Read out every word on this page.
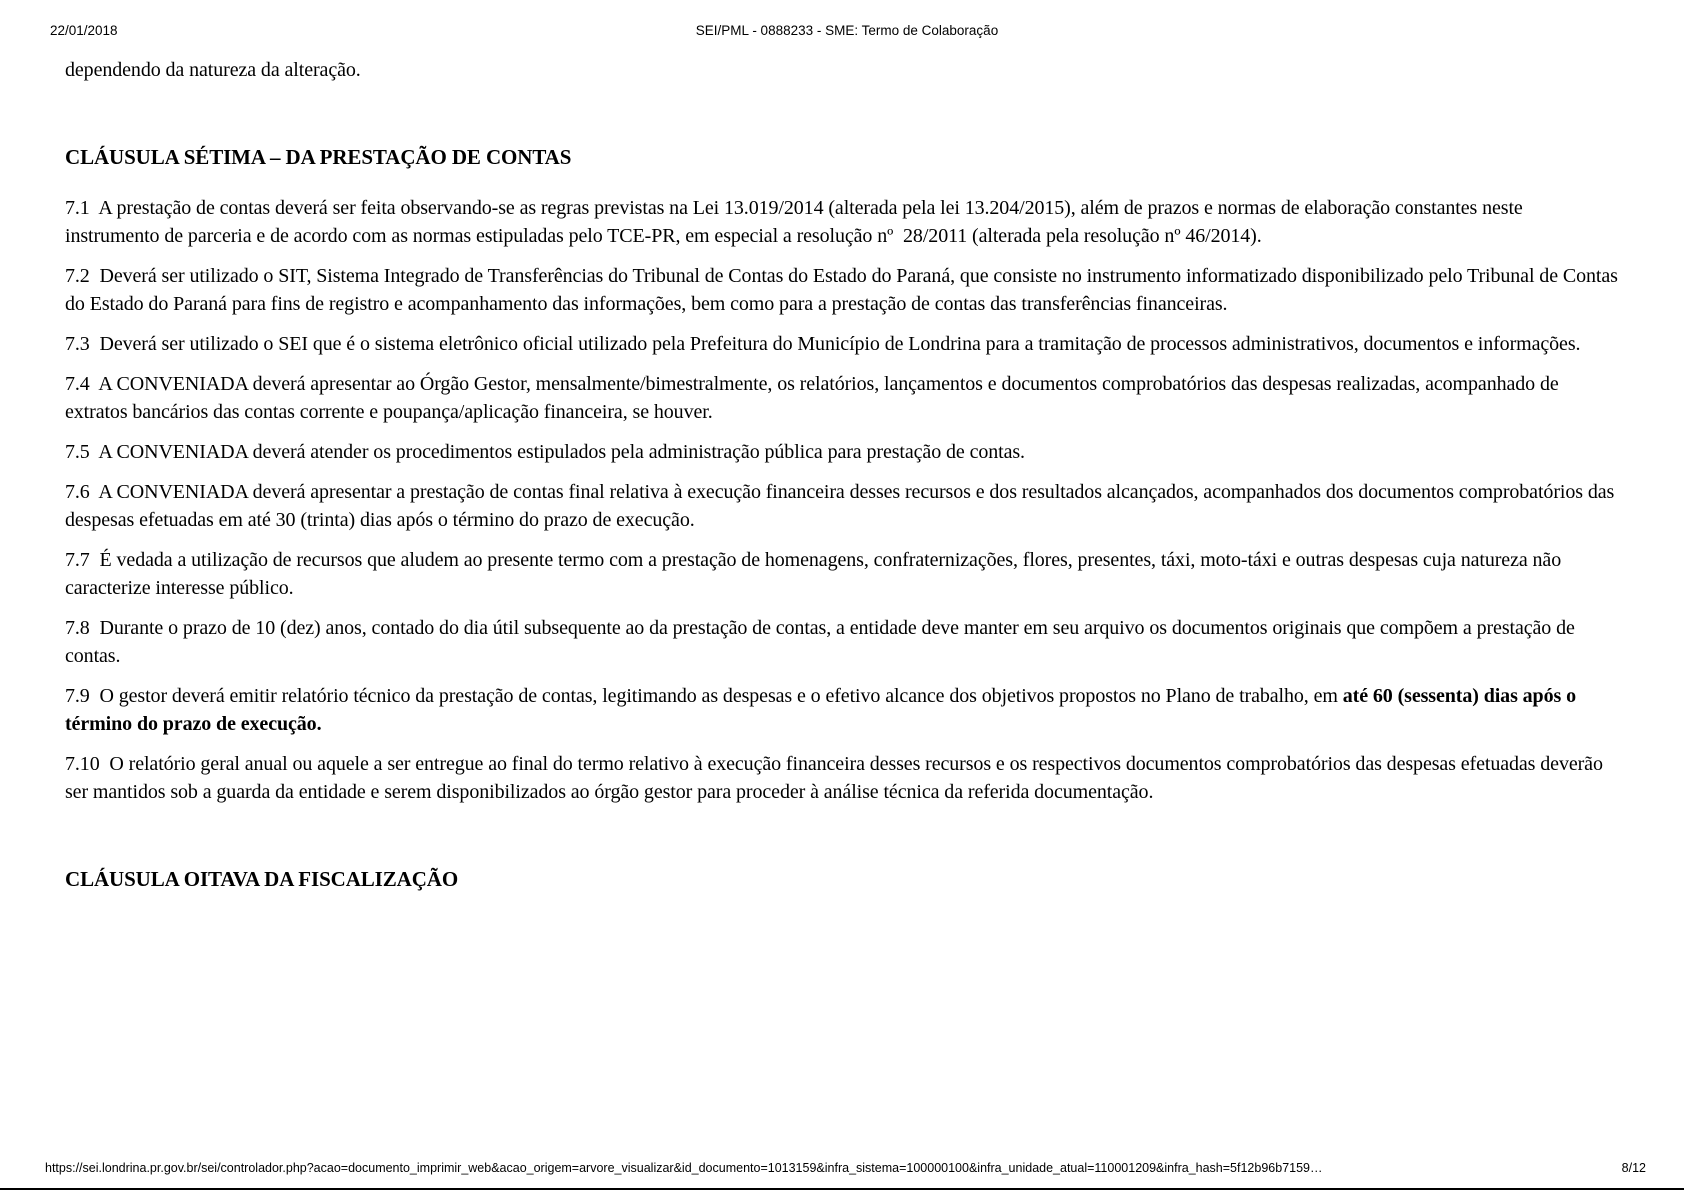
22/01/2018	SEI/PML - 0888233 - SME: Termo de Colaboração

dependendo da natureza da alteração.

CLÁUSULA SÉTIMA – DA PRESTAÇÃO DE CONTAS

7.1  A prestação de contas deverá ser feita observando-se as regras previstas na Lei 13.019/2014 (alterada pela lei 13.204/2015), além de prazos e normas de elaboração constantes neste instrumento de parceria e de acordo com as normas estipuladas pelo TCE-PR, em especial a resolução nº  28/2011 (alterada pela resolução nº 46/2014).

7.2  Deverá ser utilizado o SIT, Sistema Integrado de Transferências do Tribunal de Contas do Estado do Paraná, que consiste no instrumento informatizado disponibilizado pelo Tribunal de Contas do Estado do Paraná para fins de registro e acompanhamento das informações, bem como para a prestação de contas das transferências financeiras.

7.3  Deverá ser utilizado o SEI que é o sistema eletrônico oficial utilizado pela Prefeitura do Município de Londrina para a tramitação de processos administrativos, documentos e informações.

7.4  A CONVENIADA deverá apresentar ao Órgão Gestor, mensalmente/bimestralmente, os relatórios, lançamentos e documentos comprobatórios das despesas realizadas, acompanhado de extratos bancários das contas corrente e poupança/aplicação financeira, se houver.

7.5  A CONVENIADA deverá atender os procedimentos estipulados pela administração pública para prestação de contas.

7.6  A CONVENIADA deverá apresentar a prestação de contas final relativa à execução financeira desses recursos e dos resultados alcançados, acompanhados dos documentos comprobatórios das despesas efetuadas em até 30 (trinta) dias após o término do prazo de execução.

7.7  É vedada a utilização de recursos que aludem ao presente termo com a prestação de homenagens, confraternizações, flores, presentes, táxi, moto-táxi e outras despesas cuja natureza não caracterize interesse público.

7.8  Durante o prazo de 10 (dez) anos, contado do dia útil subsequente ao da prestação de contas, a entidade deve manter em seu arquivo os documentos originais que compõem a prestação de contas.

7.9  O gestor deverá emitir relatório técnico da prestação de contas, legitimando as despesas e o efetivo alcance dos objetivos propostos no Plano de trabalho, em até 60 (sessenta) dias após o término do prazo de execução.

7.10  O relatório geral anual ou aquele a ser entregue ao final do termo relativo à execução financeira desses recursos e os respectivos documentos comprobatórios das despesas efetuadas deverão ser mantidos sob a guarda da entidade e serem disponibilizados ao órgão gestor para proceder à análise técnica da referida documentação.

CLÁUSULA OITAVA DA FISCALIZAÇÃO
https://sei.londrina.pr.gov.br/sei/controlador.php?acao=documento_imprimir_web&acao_origem=arvore_visualizar&id_documento=1013159&infra_sistema=100000100&infra_unidade_atual=110001209&infra_hash=5f12b96b7159…	8/12
